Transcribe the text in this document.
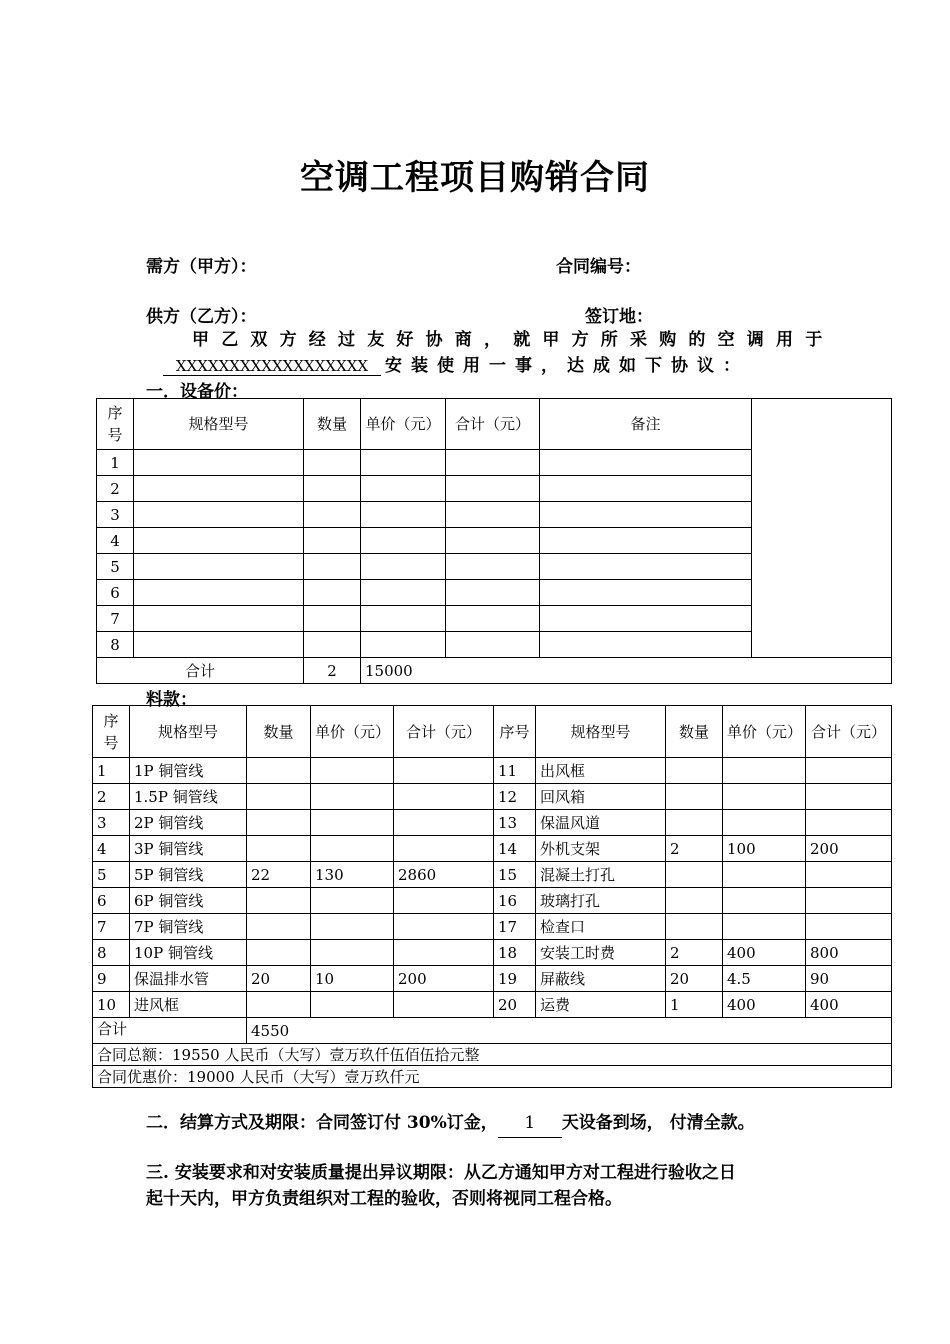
空调工程项目购销合同
需方（甲方）：	合同编号：
供方（乙方）：	签订地：
甲乙双方经过友好协商，就甲方所采购的空调用于
XXXXXXXXXXXXXXXXXX 安装使用一事，达成如下协议：
一．设备价：
序号	规格型号	数量	单价（元）	合计（元）	备注	
1						
2						
3						
4						
5						
6						
7						
8						
合计		2	15000			
料款：
序号	规格型号	数量	单价（元）	合计（元）	序号	规格型号	数量	单价（元）	合计（元）
1	1P 铜管线				11	出风框			
2	1.5P 铜管线				12	回风箱			
3	2P 铜管线				13	保温风道			
4	3P 铜管线				14	外机支架	2	100	200
5	5P 铜管线	22	130	2860	15	混凝土打孔			
6	6P 铜管线				16	玻璃打孔			
7	7P 铜管线				17	检查口			
8	10P 铜管线				18	安装工时费	2	400	800
9	保温排水管	20	10	200	19	屏蔽线	20	4.5	90
10	进风框				20	运费	1	400	400
合计		4550							
合同总额：19550 人民币（大写）壹万玖仟伍佰伍拾元整									
合同优惠价：19000 人民币（大写）壹万玖仟元									
二．结算方式及期限：合同签订付 30%订金， 1 天设备到场， 付清全款。
三. 安装要求和对安装质量提出异议期限：从乙方通知甲方对工程进行验收之日
起十天内，甲方负责组织对工程的验收，否则将视同工程合格。
